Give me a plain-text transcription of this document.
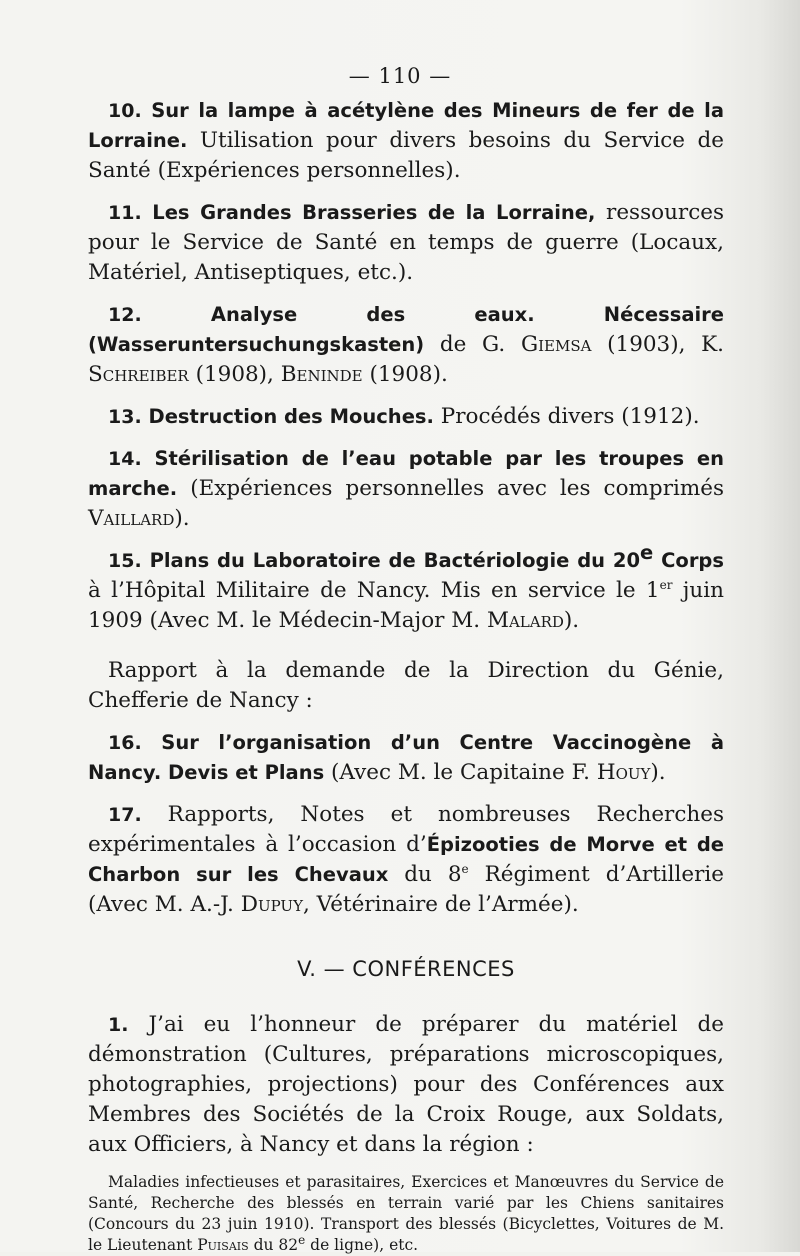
— 110 —

10. Sur la lampe à acétylène des Mineurs de fer de la Lorraine. Utilisation pour divers besoins du Service de Santé (Expériences personnelles).

11. Les Grandes Brasseries de la Lorraine, ressources pour le Service de Santé en temps de guerre (Locaux, Matériel, Antiseptiques, etc.).

12.	Analyse des eaux. Nécessaire (Wasseruntersuchungskasten) de G. Giemsa (1903), K. Schreiber (1908), Beninde (1908).

13. Destruction des Mouches. Procédés divers (1912).

14. Stérilisation de l’eau potable par les troupes en marche. (Expériences personnelles avec les comprimés Vaillard).

15. Plans du Laboratoire de Bactériologie du 20e Corps à l’Hôpital Militaire de Nancy. Mis en service le 1er juin 1909 (Avec M. le Médecin-Major M. Malard).

Rapport à la demande de la Direction du Génie, Chefferie de Nancy :

16. Sur l’organisation d’un Centre Vaccinogène à Nancy. Devis et Plans (Avec M. le Capitaine F. Houy).

17. Rapports, Notes et nombreuses Recherches expérimentales à l’occasion d’Épizooties de Morve et de Charbon sur les Chevaux du 8e Régiment d’Artillerie (Avec M. A.-J. Dupuy, Vétérinaire de l’Armée).

V. — CONFÉRENCES

1. J’ai eu l’honneur de préparer du matériel de démonstration (Cultures, préparations microscopiques, photographies, projections) pour des Conférences aux Membres des Sociétés de la Croix Rouge, aux Soldats, aux Officiers, à Nancy et dans la région :

Maladies infectieuses et parasitaires, Exercices et Manœuvres du Service de Santé, Recherche des blessés en terrain varié par les Chiens sanitaires (Concours du 23 juin 1910). Transport des blessés (Bicyclettes, Voitures de M. le Lieutenant Puisais du 82e de ligne), etc.
